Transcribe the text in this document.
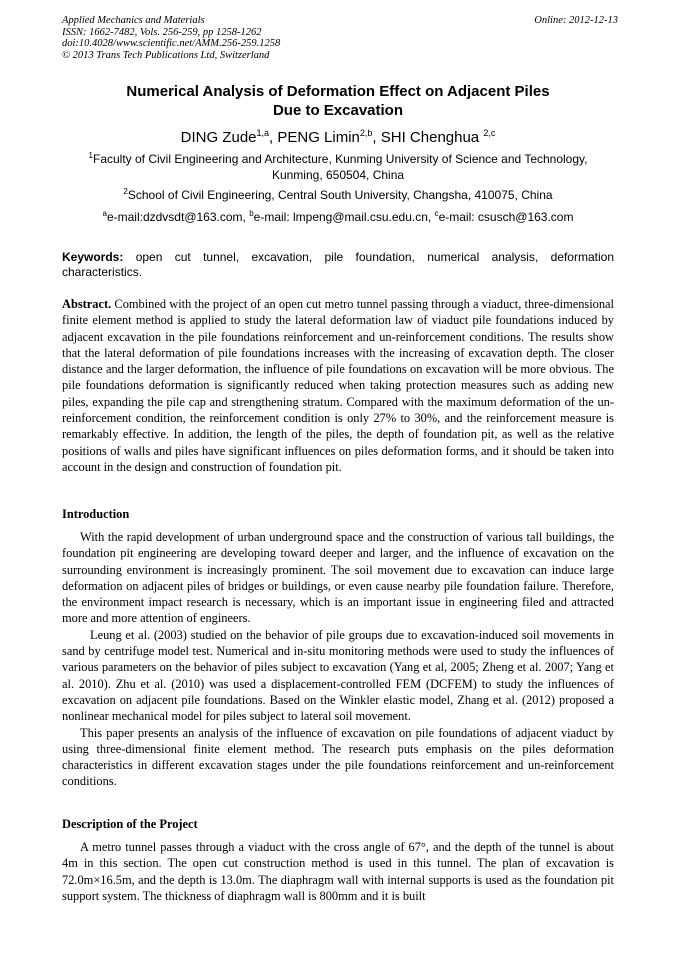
Applied Mechanics and Materials
ISSN: 1662-7482, Vols. 256-259, pp 1258-1262
doi:10.4028/www.scientific.net/AMM.256-259.1258
© 2013 Trans Tech Publications Ltd, Switzerland
Online: 2012-12-13
Numerical Analysis of Deformation Effect on Adjacent Piles
Due to Excavation
DING Zude$^{1,a}$, PENG Limin$^{2,b}$, SHI Chenghua $^{2,c}$
$^1$Faculty of Civil Engineering and Architecture, Kunming University of Science and Technology,
Kunming, 650504, China
$^2$School of Civil Engineering, Central South University, Changsha, 410075, China
$^a$e-mail:dzdvsdt@163.com, $^b$e-mail: lmpeng@mail.csu.edu.cn, $^c$e-mail: csusch@163.com
Keywords: open cut tunnel, excavation, pile foundation, numerical analysis, deformation characteristics.

Abstract. Combined with the project of an open cut metro tunnel passing through a viaduct, three-dimensional finite element method is applied to study the lateral deformation law of viaduct pile foundations induced by adjacent excavation in the pile foundations reinforcement and un-reinforcement conditions. The results show that the lateral deformation of pile foundations increases with the increasing of excavation depth. The closer distance and the larger deformation, the influence of pile foundations on excavation will be more obvious. The pile foundations deformation is significantly reduced when taking protection measures such as adding new piles, expanding the pile cap and strengthening stratum. Compared with the maximum deformation of the un-reinforcement condition, the reinforcement condition is only 27% to 30%, and the reinforcement measure is remarkably effective. In addition, the length of the piles, the depth of foundation pit, as well as the relative positions of walls and piles have significant influences on piles deformation forms, and it should be taken into account in the design and construction of foundation pit.

Introduction

With the rapid development of urban underground space and the construction of various tall buildings, the foundation pit engineering are developing toward deeper and larger, and the influence of excavation on the surrounding environment is increasingly prominent. The soil movement due to excavation can induce large deformation on adjacent piles of bridges or buildings, or even cause nearby pile foundation failure. Therefore, the environment impact research is necessary, which is an important issue in engineering filed and attracted more and more attention of engineers.

Leung et al. (2003) studied on the behavior of pile groups due to excavation-induced soil movements in sand by centrifuge model test. Numerical and in-situ monitoring methods were used to study the influences of various parameters on the behavior of piles subject to excavation (Yang et al, 2005; Zheng et al. 2007; Yang et al. 2010). Zhu et al. (2010) was used a displacement-controlled FEM (DCFEM) to study the influences of excavation on adjacent pile foundations. Based on the Winkler elastic model, Zhang et al. (2012) proposed a nonlinear mechanical model for piles subject to lateral soil movement.

This paper presents an analysis of the influence of excavation on pile foundations of adjacent viaduct by using three-dimensional finite element method. The research puts emphasis on the piles deformation characteristics in different excavation stages under the pile foundations reinforcement and un-reinforcement conditions.

Description of the Project

A metro tunnel passes through a viaduct with the cross angle of 67°, and the depth of the tunnel is about 4m in this section. The open cut construction method is used in this tunnel. The plan of excavation is 72.0m×16.5m, and the depth is 13.0m. The diaphragm wall with internal supports is used as the foundation pit support system. The thickness of diaphragm wall is 800mm and it is built
